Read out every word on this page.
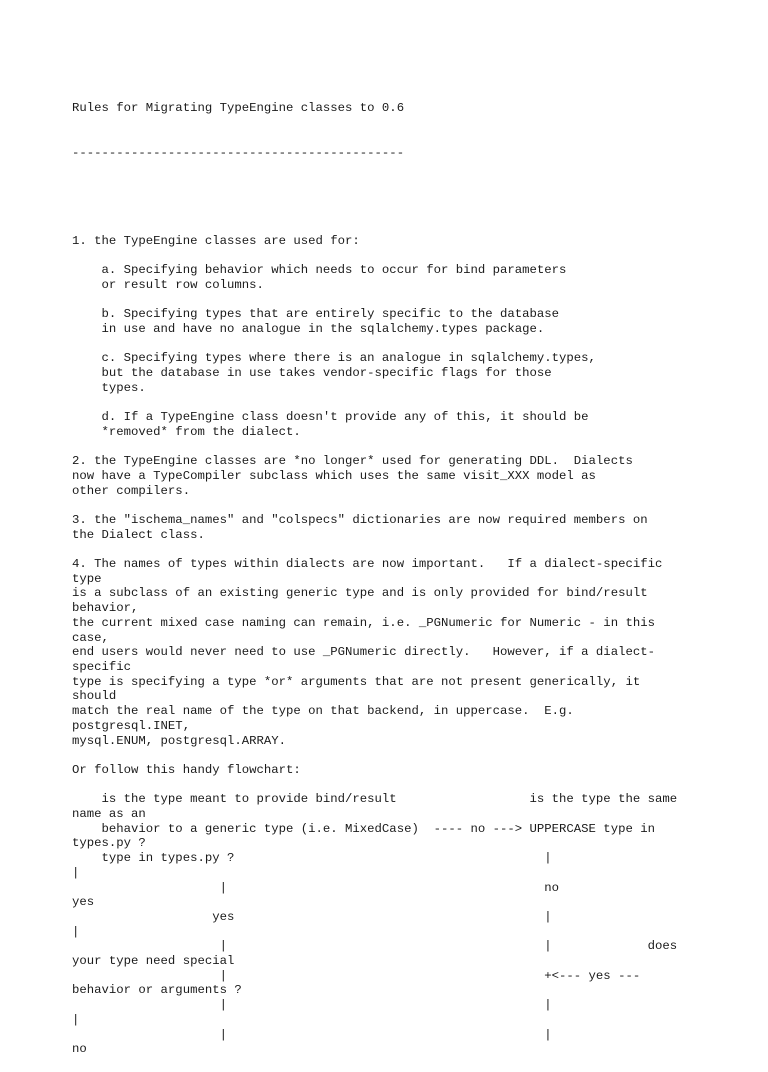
Rules for Migrating TypeEngine classes to 0.6

---------------------------------------------

1. the TypeEngine classes are used for:
a. Specifying behavior which needs to occur for bind parameters
or result row columns.
b. Specifying types that are entirely specific to the database
in use and have no analogue in the sqlalchemy.types package.
c. Specifying types where there is an analogue in sqlalchemy.types,
but the database in use takes vendor-specific flags for those
types.
d. If a TypeEngine class doesn't provide any of this, it should be
*removed* from the dialect.
2. the TypeEngine classes are *no longer* used for generating DDL.  Dialects
now have a TypeCompiler subclass which uses the same visit_XXX model as
other compilers.
3. the "ischema_names" and "colspecs" dictionaries are now required members on
the Dialect class.
4. The names of types within dialects are now important.   If a dialect-specific
type
is a subclass of an existing generic type and is only provided for bind/result
behavior,
the current mixed case naming can remain, i.e. _PGNumeric for Numeric - in this
case,
end users would never need to use _PGNumeric directly.   However, if a dialect-
specific
type is specifying a type *or* arguments that are not present generically, it
should
match the real name of the type on that backend, in uppercase.  E.g.
postgresql.INET,
mysql.ENUM, postgresql.ARRAY.
Or follow this handy flowchart:
is the type meant to provide bind/result                  is the type the same
name as an
behavior to a generic type (i.e. MixedCase)  ---- no ---> UPPERCASE type in
types.py ?
type in types.py ?                                          |
|
|                                           no
yes
yes                                          |
|
|                                           |             does
your type need special
|                                           +<--- yes ---
behavior or arguments ?
|                                           |
|
|                                           |
no
